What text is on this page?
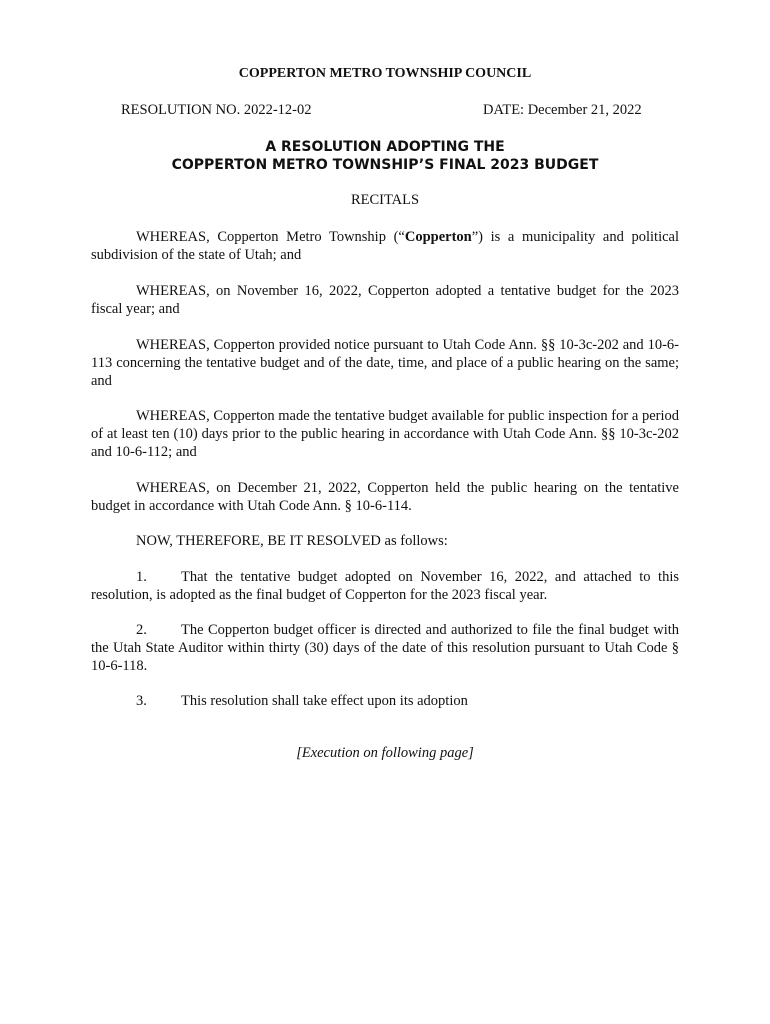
COPPERTON METRO TOWNSHIP COUNCIL
RESOLUTION NO. 2022-12-02	DATE: December 21, 2022
A RESOLUTION ADOPTING THE
COPPERTON METRO TOWNSHIP’S FINAL 2023 BUDGET
RECITALS

WHEREAS, Copperton Metro Township (“Copperton”) is a municipality and political subdivision of the state of Utah; and

WHEREAS, on November 16, 2022, Copperton adopted a tentative budget for the 2023 fiscal year; and

WHEREAS, Copperton provided notice pursuant to Utah Code Ann. §§ 10-3c-202 and 10-6-113 concerning the tentative budget and of the date, time, and place of a public hearing on the same; and

WHEREAS, Copperton made the tentative budget available for public inspection for a period of at least ten (10) days prior to the public hearing in accordance with Utah Code Ann. §§ 10-3c-202 and 10-6-112; and

WHEREAS, on December 21, 2022, Copperton held the public hearing on the tentative budget in accordance with Utah Code Ann. § 10-6-114.

NOW, THEREFORE, BE IT RESOLVED as follows:

1. That the tentative budget adopted on November 16, 2022, and attached to this resolution, is adopted as the final budget of Copperton for the 2023 fiscal year.

2. The Copperton budget officer is directed and authorized to file the final budget with the Utah State Auditor within thirty (30) days of the date of this resolution pursuant to Utah Code § 10-6-118.

3. This resolution shall take effect upon its adoption

[Execution on following page]
